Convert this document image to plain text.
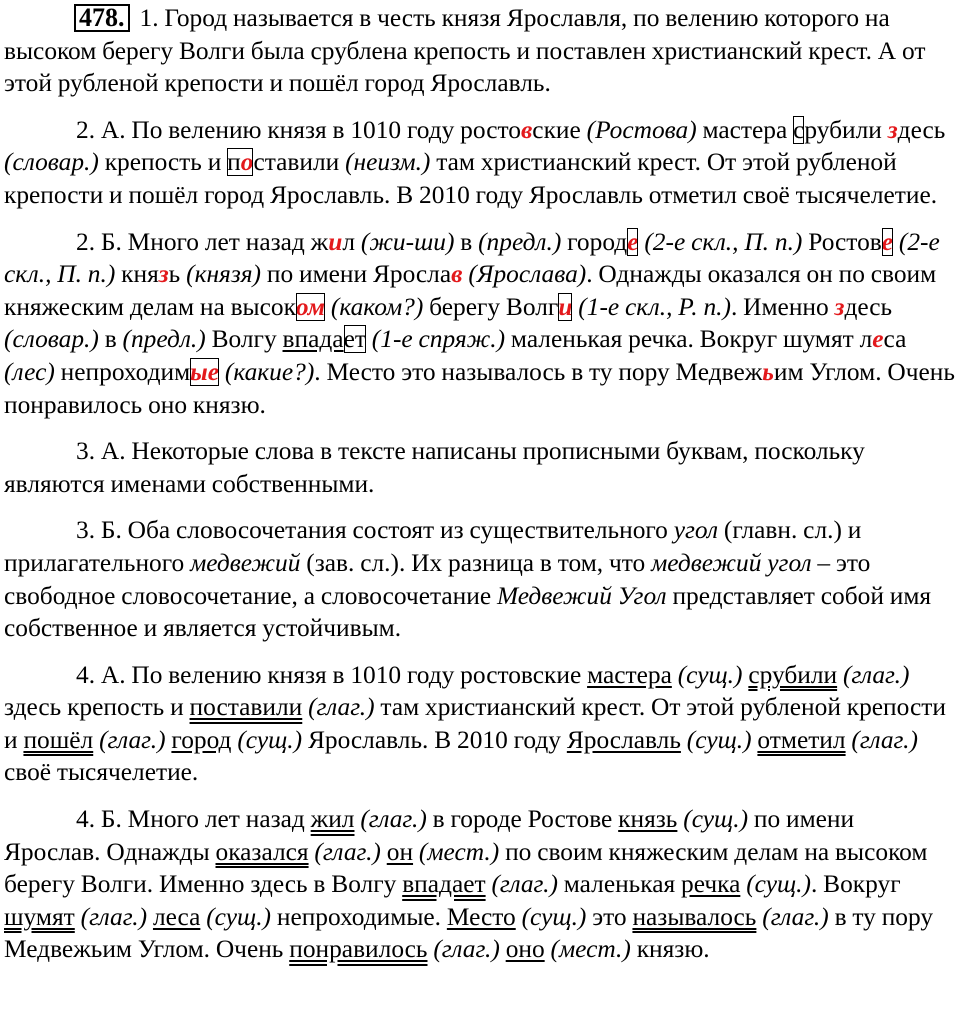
478. 1. Город называется в честь князя Ярославля, по велению которого на высоком берегу Волги была срублена крепость и поставлен христианский крест. А от этой рубленой крепости и пошёл город Ярославль.

2. А. По велению князя в 1010 году ростовские (Ростова) мастера срубили здесь (словар.) крепость и поставили (неизм.) там христианский крест. От этой рубленой крепости и пошёл город Ярославль. В 2010 году Ярославль отметил своё тысячелетие.

2. Б. Много лет назад жил (жи-ши) в (предл.) городе (2-е скл., П. п.) Ростове (2-е скл., П. п.) князь (князя) по имени Ярослав (Ярослава). Однажды оказался он по своим княжеским делам на высоком (каком?) берегу Волги (1-е скл., Р. п.). Именно здесь (словар.) в (предл.) Волгу впадает (1-е спряж.) маленькая речка. Вокруг шумят леса (лес) непроходимые (какие?). Место это называлось в ту пору Медвежьим Углом. Очень понравилось оно князю.

3. А. Некоторые слова в тексте написаны прописными буквам, поскольку являются именами собственными.

3. Б. Оба словосочетания состоят из существительного угол (главн. сл.) и прилагательного медвежий (зав. сл.). Их разница в том, что медвежий угол – это свободное словосочетание, а словосочетание Медвежий Угол представляет собой имя собственное и является устойчивым.

4. А. По велению князя в 1010 году ростовские мастера (сущ.) срубили (глаг.) здесь крепость и поставили (глаг.) там христианский крест. От этой рубленой крепости и пошёл (глаг.) город (сущ.) Ярославль. В 2010 году Ярославль (сущ.) отметил (глаг.) своё тысячелетие.

4. Б. Много лет назад жил (глаг.) в городе Ростове князь (сущ.) по имени Ярослав. Однажды оказался (глаг.) он (мест.) по своим княжеским делам на высоком берегу Волги. Именно здесь в Волгу впадает (глаг.) маленькая речка (сущ.). Вокруг шумят (глаг.) леса (сущ.) непроходимые. Место (сущ.) это называлось (глаг.) в ту пору Медвежьим Углом. Очень понравилось (глаг.) оно (мест.) князю.
